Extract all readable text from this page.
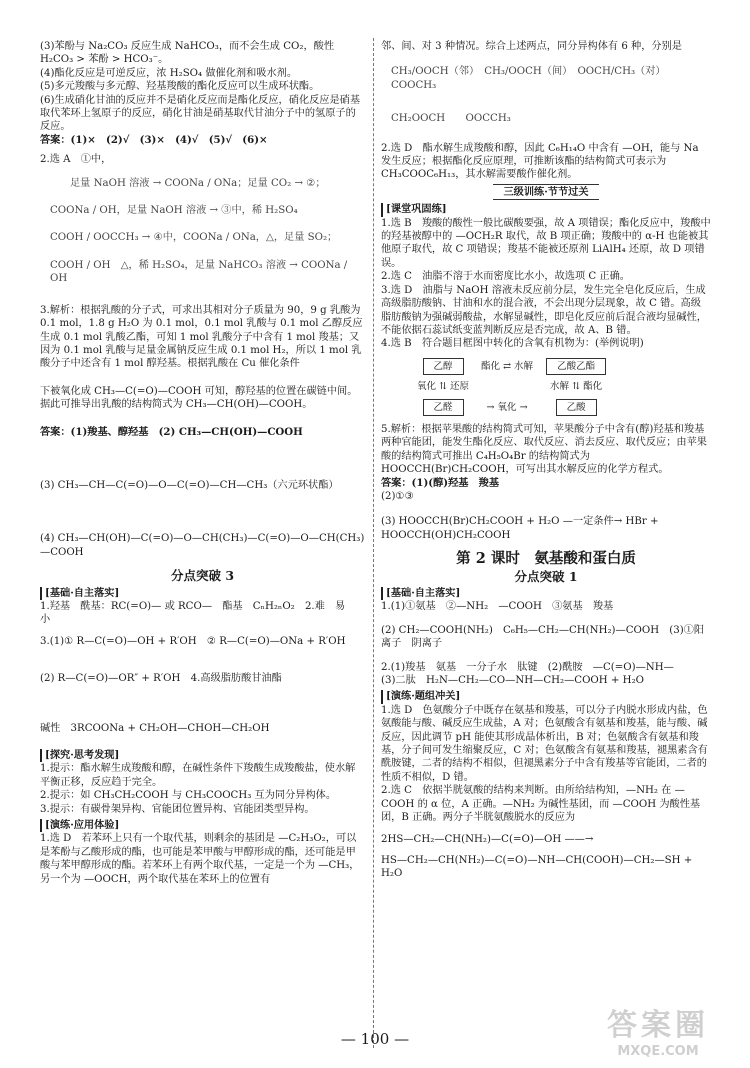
(3)苯酚与 Na₂CO₃ 反应生成 NaHCO₃，而不会生成 CO₂，酸性 H₂CO₃ > 苯酚 > HCO₃⁻。

(4)酯化反应是可逆反应，浓 H₂SO₄ 做催化剂和吸水剂。

(5)多元羧酸与多元醇、羟基羧酸的酯化反应可以生成环状酯。

(6)生成硝化甘油的反应并不是硝化反应而是酯化反应，硝化反应是硝基取代苯环上氢原子的反应，硝化甘油是硝基取代甘油分子中的氢原子的反应。

答案：(1)×　(2)√　(3)×　(4)√　(5)√　(6)×

2.选 A　①中，

足量 NaOH 溶液 → COONa / ONa；足量 CO₂ → ②；

COONa / OH，足量 NaOH 溶液 → ③中，稀 H₂SO₄

COOH / OOCCH₃ → ④中，COONa / ONa，△，足量 SO₂；

COOH / OH　△，稀 H₂SO₄，足量 NaHCO₃ 溶液 → COONa / OH

3.解析：根据乳酸的分子式，可求出其相对分子质量为 90，9 g 乳酸为 0.1 mol，1.8 g H₂O 为 0.1 mol，0.1 mol 乳酸与 0.1 mol 乙醇反应生成 0.1 mol 乳酸乙酯，可知 1 mol 乳酸分子中含有 1 mol 羧基；又因为 0.1 mol 乳酸与足量金属钠反应生成 0.1 mol H₂，所以 1 mol 乳酸分子中还含有 1 mol 醇羟基。根据乳酸在 Cu 催化条件

下被氧化成 CH₃—C(=O)—COOH 可知，醇羟基的位置在碳链中间。据此可推导出乳酸的结构简式为 CH₃—CH(OH)—COOH。

答案：(1)羧基、醇羟基　(2) CH₃—CH(OH)—COOH

(3) CH₃—CH—C(=O)—O—C(=O)—CH—CH₃（六元环状酯）

(4) CH₃—CH(OH)—C(=O)—O—CH(CH₃)—C(=O)—O—CH(CH₃)—COOH

分点突破 3

[基础·自主落实]

1.羟基　酰基：RC(=O)— 或 RCO—　酯基　CₙH₂ₙO₂　2.难　易　小

3.(1)① R—C(=O)—OH + R′OH　② R—C(=O)—ONa + R′OH

(2) R—C(=O)—OR″ + R′OH　4.高级脂肪酸甘油酯

碱性　3RCOONa + CH₂OH—CHOH—CH₂OH

[探究·思考发现]

1.提示：酯水解生成羧酸和醇，在碱性条件下羧酸生成羧酸盐，使水解平衡正移，反应趋于完全。

2.提示：如 CH₃CH₂COOH 与 CH₃COOCH₃ 互为同分异构体。

3.提示：有碳骨架异构、官能团位置异构、官能团类型异构。

[演练·应用体验]

1.选 D　若苯环上只有一个取代基，则剩余的基团是 —C₂H₃O₂，可以是苯酚与乙酸形成的酯，也可能是苯甲酸与甲醇形成的酯，还可能是甲酸与苯甲醇形成的酯。若苯环上有两个取代基，一定是一个为 —CH₃，另一个为 —OOCH，两个取代基在苯环上的位置有

邻、间、对 3 种情况。综合上述两点，同分异构体有 6 种，分别是

CH₃/OOCH（邻）　CH₃/OOCH（间）　OOCH/CH₃（对）　COOCH₃

CH₂OOCH　　OOCCH₃

2.选 D　酯水解生成羧酸和醇，因此 C₆H₁₄O 中含有 —OH，能与 Na 发生反应；根据酯化反应原理，可推断该酯的结构简式可表示为 CH₃COOC₆H₁₃，其水解需要酸作催化剂。

三级训练·节节过关

[课堂巩固练]

1.选 B　羧酸的酸性一般比碳酸要强，故 A 项错误；酯化反应中，羧酸中的羟基被醇中的 —OCH₂R 取代，故 B 项正确；羧酸中的 α-H 也能被其他原子取代，故 C 项错误；羧基不能被还原剂 LiAlH₄ 还原，故 D 项错误。

2.选 C　油脂不溶于水而密度比水小，故选项 C 正确。

3.选 D　油脂与 NaOH 溶液未反应前分层，发生完全皂化反应后，生成高级脂肪酸钠、甘油和水的混合液，不会出现分层现象，故 C 错。高级脂肪酸钠为强碱弱酸盐，水解显碱性，即皂化反应前后混合液均显碱性，不能依据石蕊试纸变蓝判断反应是否完成，故 A、B 错。

4.选 B　符合题目框图中转化的含氧有机物为：(举例说明)

乙醇	酯化 ⇄ 水解	乙酸乙酯
氧化 ⇅ 还原		水解 ⇅ 酯化
乙醛	→ 氧化 →	乙酸

5.解析：根据苹果酸的结构简式可知，苹果酸分子中含有(醇)羟基和羧基两种官能团，能发生酯化反应、取代反应、消去反应、取代反应；由苹果酸的结构简式可推出 C₄H₅O₄Br 的结构简式为 HOOCCH(Br)CH₂COOH，可写出其水解反应的化学方程式。

答案：(1)(醇)羟基　羧基

(2)①③

(3) HOOCCH(Br)CH₂COOH + H₂O —一定条件→ HBr + HOOCCH(OH)CH₂COOH

第 2 课时　氨基酸和蛋白质

分点突破 1

[基础·自主落实]

1.(1)①氨基　②—NH₂　—COOH　③氨基　羧基

(2) CH₂—COOH(NH₂)　C₆H₅—CH₂—CH(NH₂)—COOH　(3)①阳离子　阴离子

2.(1)羧基　氨基　一分子水　肽键　(2)酰胺　—C(=O)—NH—

(3)二肽　H₂N—CH₂—CO—NH—CH₂—COOH + H₂O

[演练·题组冲关]

1.选 D　色氨酸分子中既存在氨基和羧基，可以分子内脱水形成内盐，色氨酸能与酸、碱反应生成盐，A 对；色氨酸含有氨基和羧基，能与酸、碱反应，因此调节 pH 能使其形成晶体析出，B 对；色氨酸含有氨基和羧基，分子间可发生缩聚反应，C 对；色氨酸含有氨基和羧基，褪黑素含有酰胺键，二者的结构不相似，但褪黑素分子中含有羧基等官能团，二者的性质不相似，D 错。

2.选 C　依据半胱氨酸的结构来判断。由所给结构知，—NH₂ 在 —COOH 的 α 位，A 正确。—NH₂ 为碱性基团，而 —COOH 为酸性基团，B 正确。两分子半胱氨酸脱水的反应为

2HS—CH₂—CH(NH₂)—C(=O)—OH ——→

HS—CH₂—CH(NH₂)—C(=O)—NH—CH(COOH)—CH₂—SH + H₂O

— 100 —	答案圈
MXQE.COM
